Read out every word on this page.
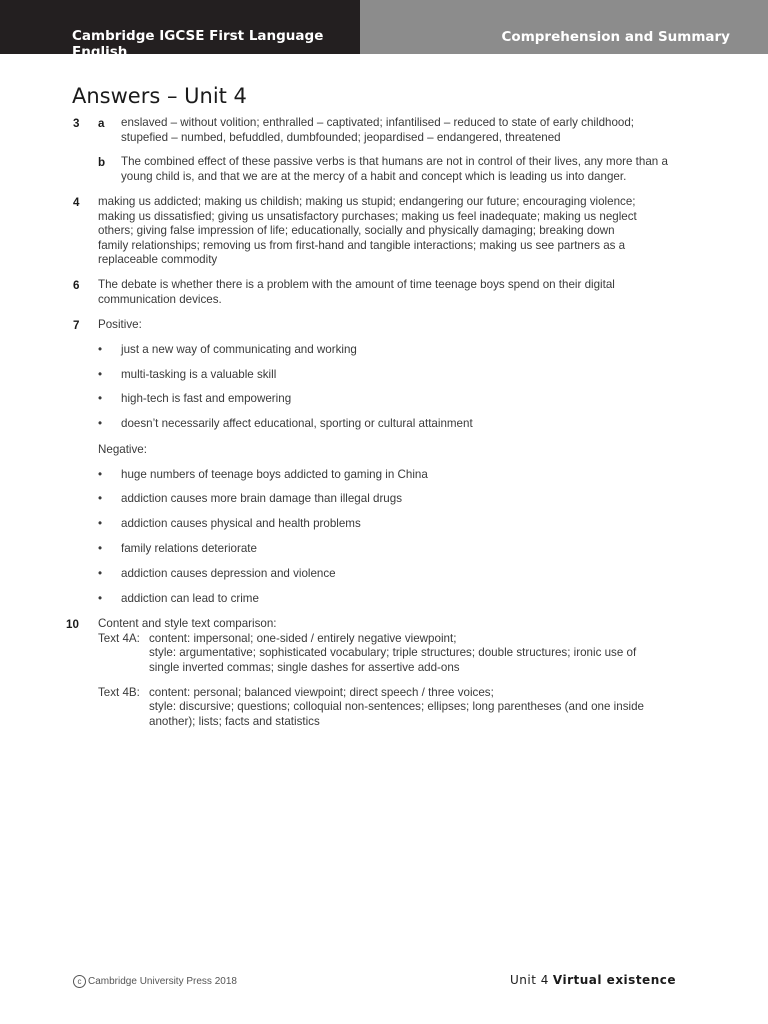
Cambridge IGCSE First Language English
Comprehension and Summary
Answers – Unit 4
3 a enslaved – without volition; enthralled – captivated; infantilised – reduced to state of early childhood;
stupefied – numbed, befuddled, dumbfounded; jeopardised – endangered, threatened
b The combined effect of these passive verbs is that humans are not in control of their lives, any more than a
young child is, and that we are at the mercy of a habit and concept which is leading us into danger.
4 making us addicted; making us childish; making us stupid; endangering our future; encouraging violence;
making us dissatisfied; giving us unsatisfactory purchases; making us feel inadequate; making us neglect
others; giving false impression of life; educationally, socially and physically damaging; breaking down
family relationships; removing us from first-hand and tangible interactions; making us see partners as a
replaceable commodity
6 The debate is whether there is a problem with the amount of time teenage boys spend on their digital
communication devices.
7 Positive:
• just a new way of communicating and working
• multi-tasking is a valuable skill
• high-tech is fast and empowering
• doesn’t necessarily affect educational, sporting or cultural attainment
Negative:
• huge numbers of teenage boys addicted to gaming in China
• addiction causes more brain damage than illegal drugs
• addiction causes physical and health problems
• family relations deteriorate
• addiction causes depression and violence
• addiction can lead to crime
10 Content and style text comparison:
Text 4A: content: impersonal; one-sided / entirely negative viewpoint;
style: argumentative; sophisticated vocabulary; triple structures; double structures; ironic use of
single inverted commas; single dashes for assertive add-ons
Text 4B: content: personal; balanced viewpoint; direct speech / three voices;
style: discursive; questions; colloquial non-sentences; ellipses; long parentheses (and one inside
another); lists; facts and statistics
c Cambridge University Press 2018	Unit 4 Virtual existence
